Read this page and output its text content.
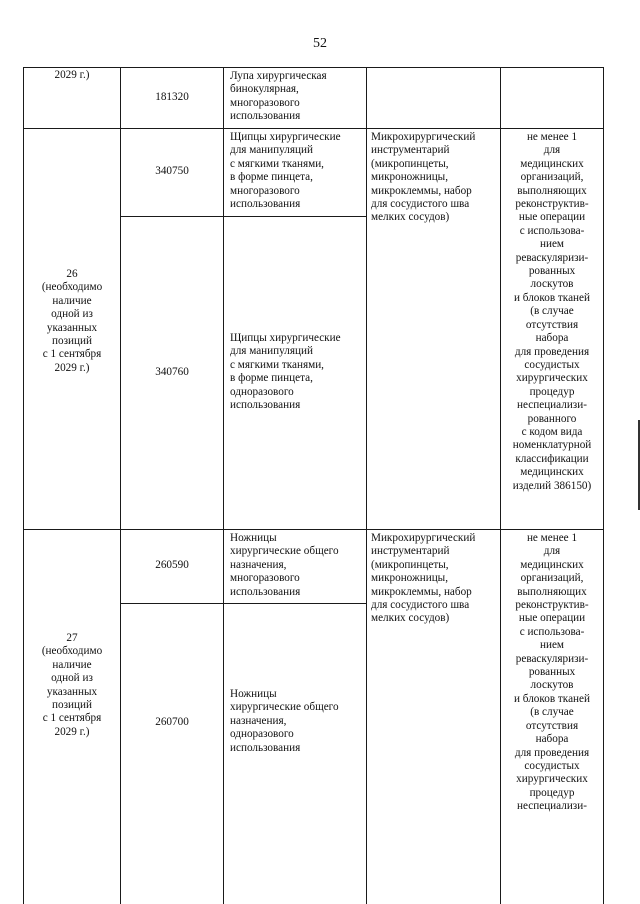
52
2029 г.)
181320
Лупа хирургическая
бинокулярная,
многоразового
использования
26
(необходимо
наличие
одной из
указанных
позиций
с 1 сентября
2029 г.)
340750
Щипцы хирургические
для манипуляций
с мягкими тканями,
в форме пинцета,
многоразового
использования
340760
Щипцы хирургические
для манипуляций
с мягкими тканями,
в форме пинцета,
одноразового
использования
Микрохирургический
инструментарий
(микропинцеты,
микроножницы,
микроклеммы, набор
для сосудистого шва
мелких сосудов)
не менее 1
для
медицинских
организаций,
выполняющих
реконструктив-
ные операции
с использова-
нием
реваскуляризи-
рованных
лоскутов
и блоков тканей
(в случае
отсутствия
набора
для проведения
сосудистых
хирургических
процедур
неспециализи-
рованного
с кодом вида
номенклатурной
классификации
медицинских
изделий 386150)
27
(необходимо
наличие
одной из
указанных
позиций
с 1 сентября
2029 г.)
260590
Ножницы
хирургические общего
назначения,
многоразового
использования
260700
Ножницы
хирургические общего
назначения,
одноразового
использования
Микрохирургический
инструментарий
(микропинцеты,
микроножницы,
микроклеммы, набор
для сосудистого шва
мелких сосудов)
не менее 1
для
медицинских
организаций,
выполняющих
реконструктив-
ные операции
с использова-
нием
реваскуляризи-
рованных
лоскутов
и блоков тканей
(в случае
отсутствия
набора
для проведения
сосудистых
хирургических
процедур
неспециализи-
